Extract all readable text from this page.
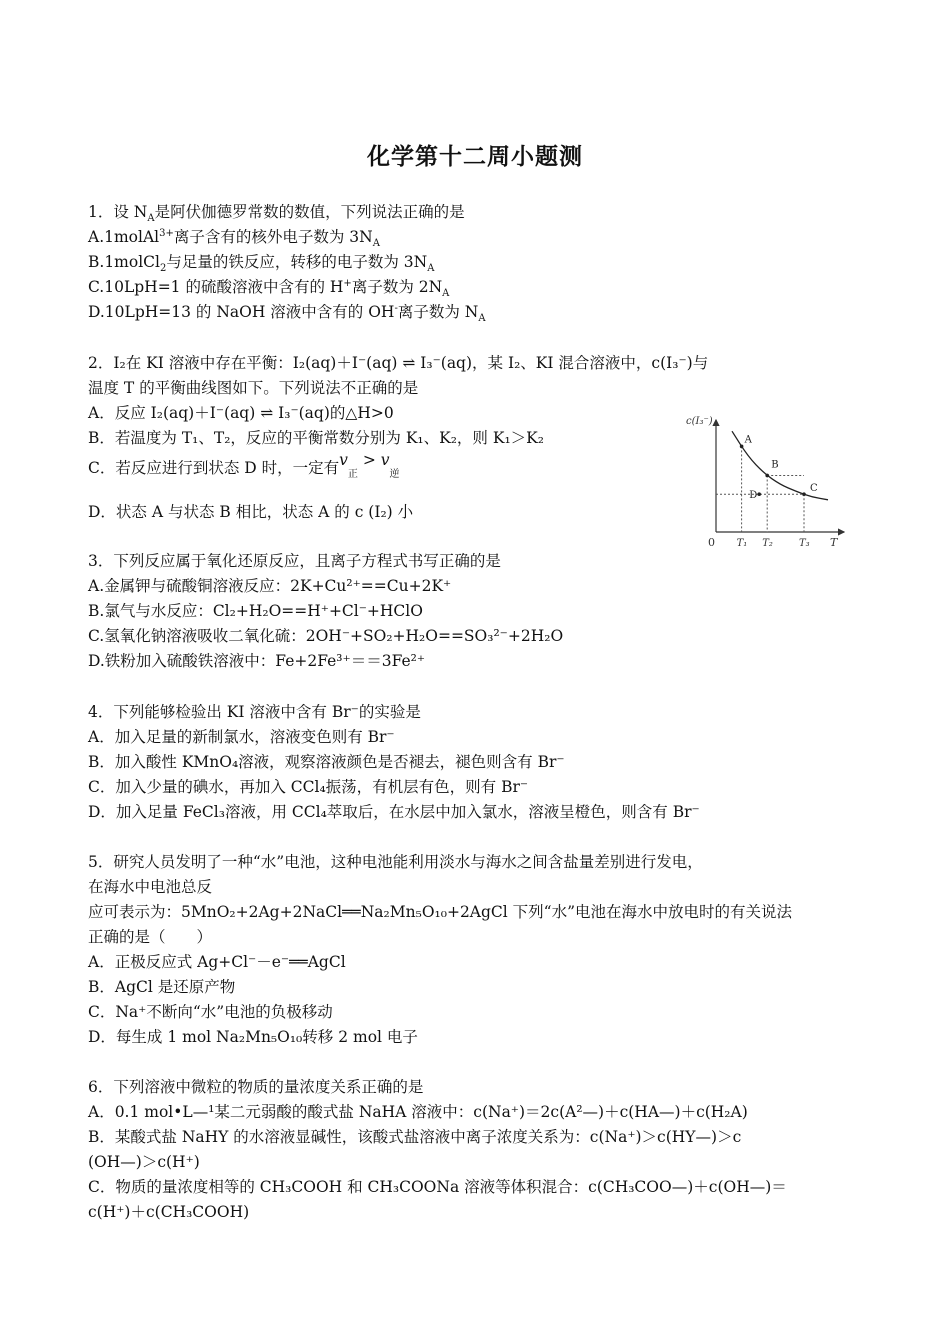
化学第十二周小题测
1．设 $N_A$是阿伏伽德罗常数的数值，下列说法正确的是
A.1molAl$^{3+}$离子含有的核外电子数为 $3N_A$
B.1molCl$_2$与足量的铁反应，转移的电子数为 $3N_A$
C.10LpH=1 的硫酸溶液中含有的 H+离子数为 $2N_A$
D.10LpH=13 的 NaOH 溶液中含有的 OH-离子数为 $N_A$
2．I₂在 KI 溶液中存在平衡：I₂(aq)＋I⁻(aq) ⇌ I₃⁻(aq)，某 I₂、KI 混合溶液中，c(I₃⁻)与
温度 T 的平衡曲线图如下。下列说法不正确的是
A．反应 I₂(aq)＋I⁻(aq) ⇌ I₃⁻(aq)的△H>0
B．若温度为 T₁、T₂，反应的平衡常数分别为 K₁、K₂，则 K₁＞K₂
C．若反应进行到状态 D 时，一定有$v_正 > v_逆$
D．状态 A 与状态 B 相比，状态 A 的 c (I₂) 小
c(I₃⁻)
T
0 T₁ T₂	T₃
A
B
C
D
3．下列反应属于氧化还原反应，且离子方程式书写正确的是
A.金属钾与硫酸铜溶液反应：2K+Cu²⁺==Cu+2K⁺
B.氯气与水反应：Cl₂+H₂O==H⁺+Cl⁻+HClO
C.氢氧化钠溶液吸收二氧化硫：2OH⁻+SO₂+H₂O==SO₃²⁻+2H₂O
D.铁粉加入硫酸铁溶液中：Fe+2Fe³⁺＝＝3Fe²⁺
4．下列能够检验出 KI 溶液中含有 Br⁻的实验是
A．加入足量的新制氯水，溶液变色则有 Br⁻
B．加入酸性 KMnO₄溶液，观察溶液颜色是否褪去，褪色则含有 Br⁻
C．加入少量的碘水，再加入 CCl₄振荡，有机层有色，则有 Br⁻
D．加入足量 FeCl₃溶液，用 CCl₄萃取后，在水层中加入氯水，溶液呈橙色，则含有 Br⁻
5．研究人员发明了一种“水”电池，这种电池能利用淡水与海水之间含盐量差别进行发电，
在海水中电池总反
应可表示为：5MnO₂+2Ag+2NaCl══Na₂Mn₅O₁₀+2AgCl 下列“水”电池在海水中放电时的有关说法
正确的是（　　）
A．正极反应式 Ag+Cl⁻－e⁻══AgCl
B．AgCl 是还原产物
C．Na⁺不断向“水”电池的负极移动
D．每生成 1 mol Na₂Mn₅O₁₀转移 2 mol 电子
6．下列溶液中微粒的物质的量浓度关系正确的是
A．0.1 mol•L—¹某二元弱酸的酸式盐 NaHA 溶液中：c(Na⁺)＝2c(A²—)＋c(HA—)＋c(H₂A)
B．某酸式盐 NaHY 的水溶液显碱性，该酸式盐溶液中离子浓度关系为：c(Na⁺)＞c(HY—)＞c
(OH—)＞c(H⁺)
C．物质的量浓度相等的 CH₃COOH 和 CH₃COONa 溶液等体积混合：c(CH₃COO—)＋c(OH—)＝
c(H⁺)＋c(CH₃COOH)
